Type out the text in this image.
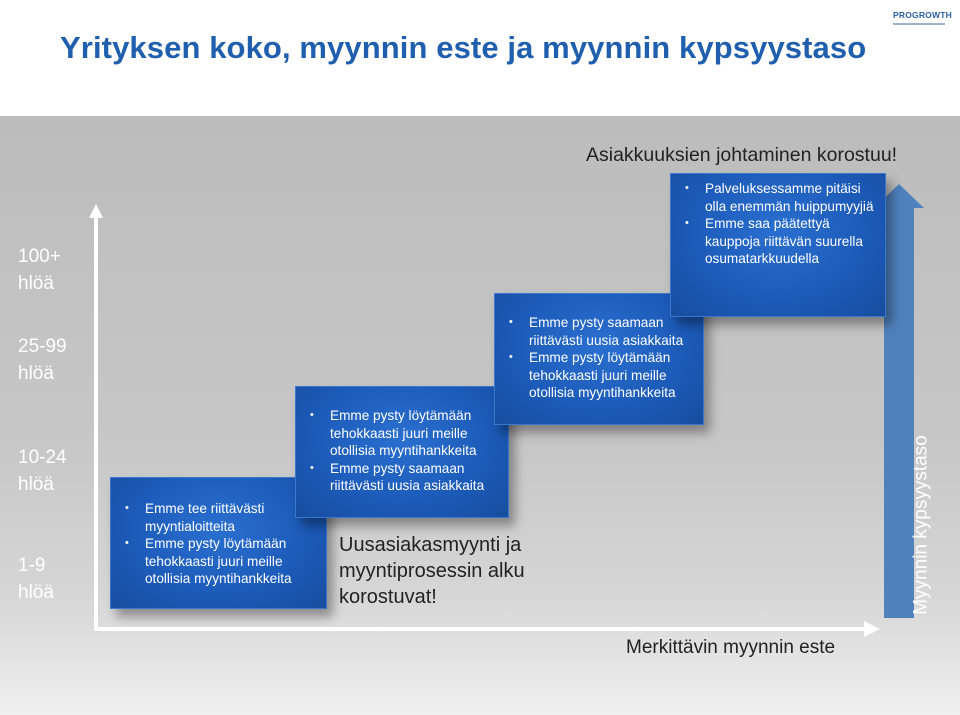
Yrityksen koko, myynnin este ja myynnin kypsyystaso
PROGROWTH
100+
hlöä
25-99
hlöä
10-24
hlöä
1-9
hlöä
• Emme tee riittävästi myyntialoitteita
• Emme pysty löytämään tehokkaasti juuri meille otollisia myyntihankkeita
• Emme pysty löytämään tehokkaasti juuri meille otollisia myyntihankkeita
• Emme pysty saamaan riittävästi uusia asiakkaita
• Emme pysty saamaan riittävästi uusia asiakkaita
• Emme pysty löytämään tehokkaasti juuri meille otollisia myyntihankkeita
• Palveluksessamme pitäisi olla enemmän huippumyyjiä
• Emme saa päätettyä kauppoja riittävän suurella osumatarkkuudella
Asiakkuuksien johtaminen korostuu!
Uusasiakasmyynti ja myyntiprosessin alku korostuvat!
Merkittävin myynnin este
Myynnin kypsyystaso
